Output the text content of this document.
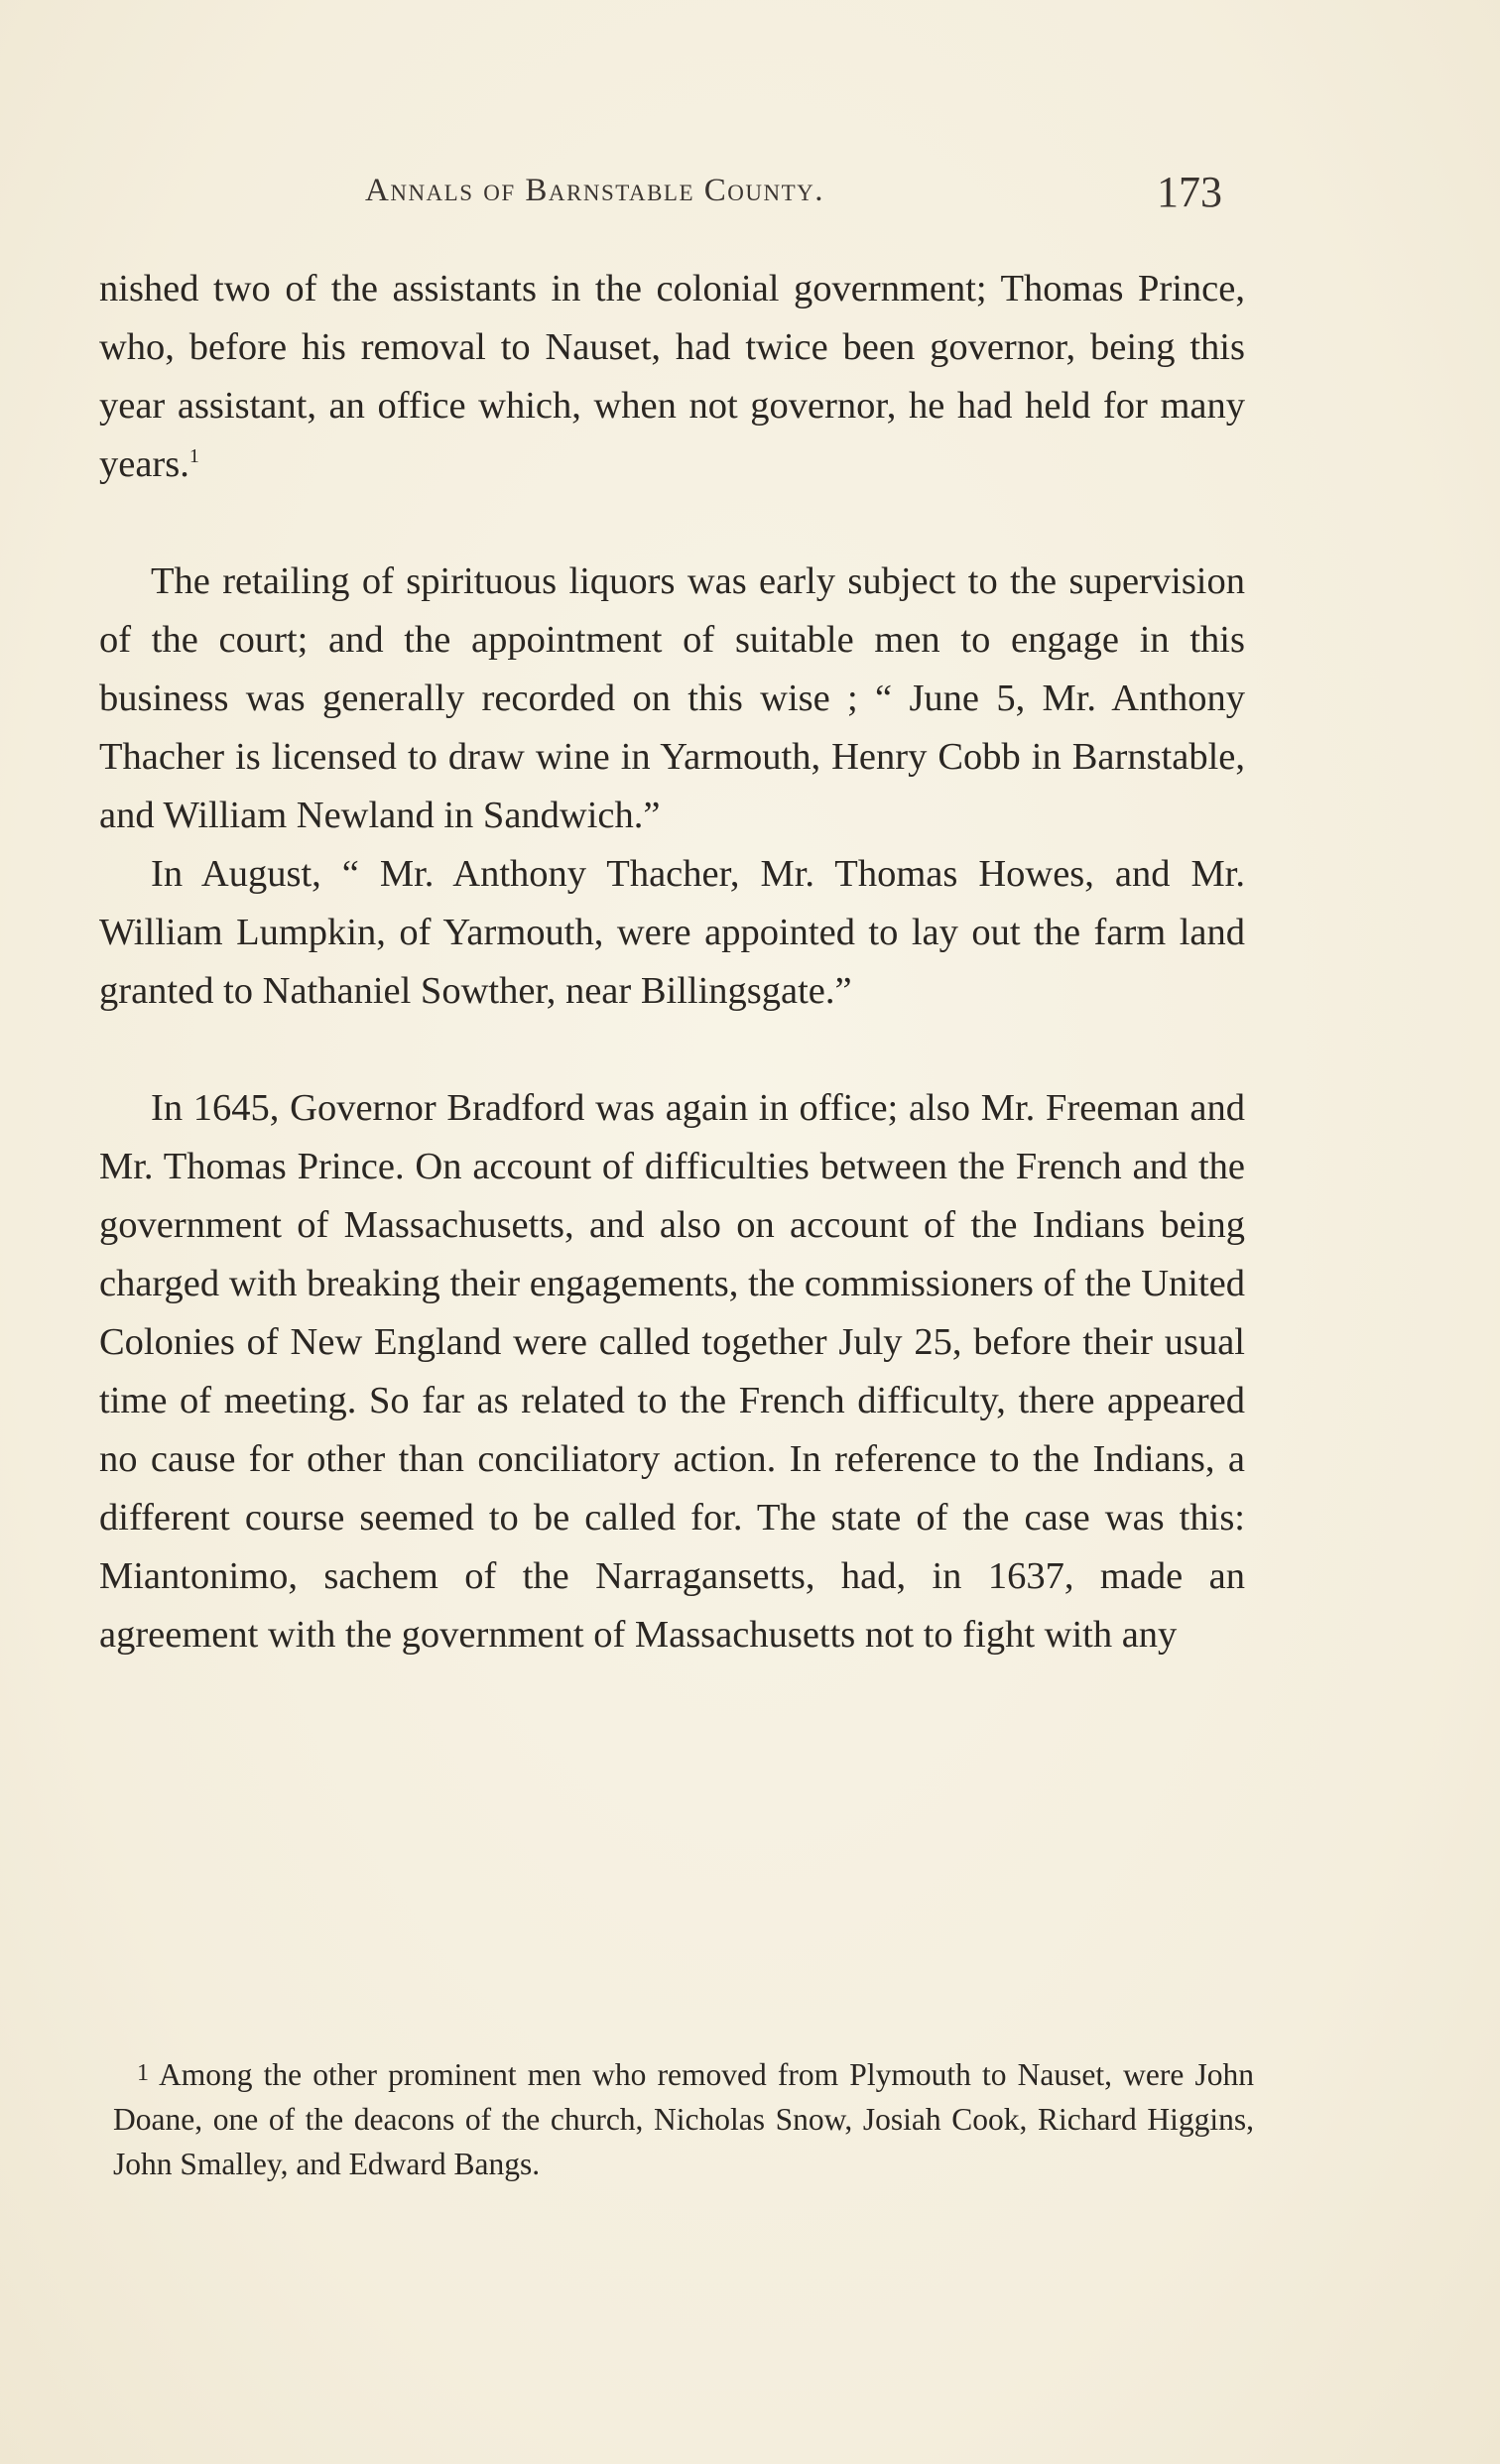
Annals of Barnstable County.	173

nished two of the assistants in the colonial government; Thomas Prince, who, before his removal to Nauset, had twice been governor, being this year assistant, an office which, when not governor, he had held for many years.$^1$

The retailing of spirituous liquors was early subject to the supervision of the court; and the appointment of suitable men to engage in this business was generally recorded on this wise ; “ June 5, Mr. Anthony Thacher is licensed to draw wine in Yarmouth, Henry Cobb in Barnstable, and William Newland in Sandwich.”

In August, “ Mr. Anthony Thacher, Mr. Thomas Howes, and Mr. William Lumpkin, of Yarmouth, were appointed to lay out the farm land granted to Nathaniel Sowther, near Billingsgate.”

In 1645, Governor Bradford was again in office; also Mr. Freeman and Mr. Thomas Prince. On account of difficulties between the French and the government of Massachusetts, and also on account of the Indians being charged with breaking their engagements, the commissioners of the United Colonies of New England were called together July 25, before their usual time of meeting. So far as related to the French difficulty, there appeared no cause for other than conciliatory action. In reference to the Indians, a different course seemed to be called for. The state of the case was this: Miantonimo, sachem of the Narragansetts, had, in 1637, made an agreement with the government of Massachusetts not to fight with any

1 Among the other prominent men who removed from Plymouth to Nauset, were John Doane, one of the deacons of the church, Nicholas Snow, Josiah Cook, Richard Higgins, John Smalley, and Edward Bangs.
